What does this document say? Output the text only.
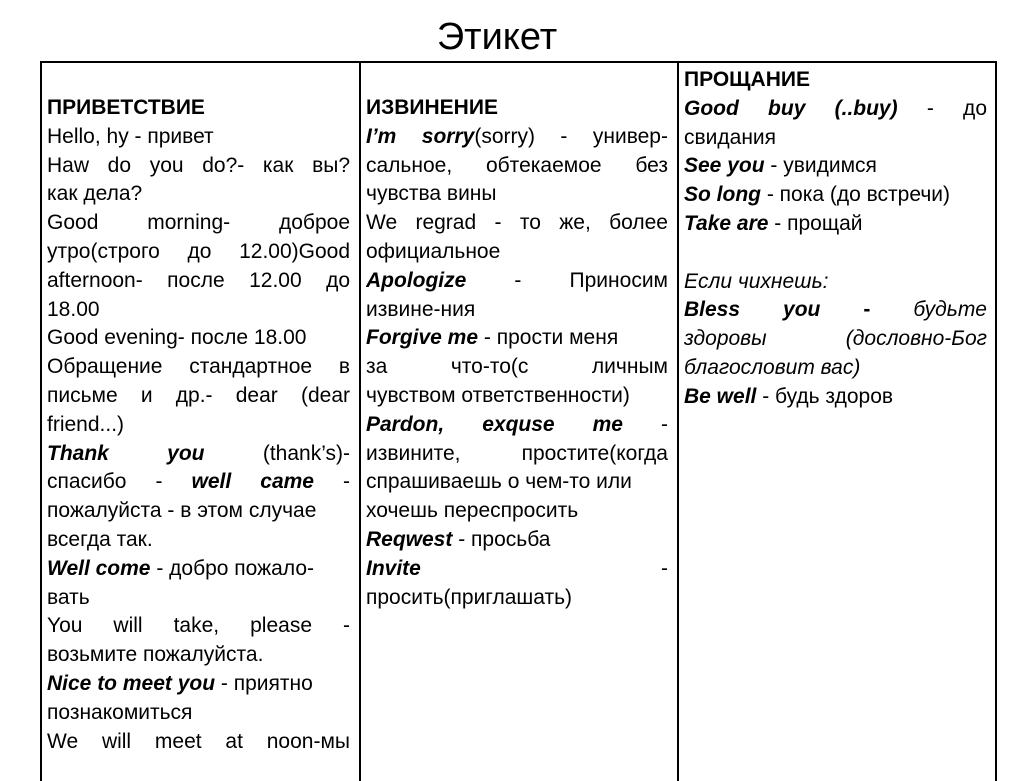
Этикет
ПРИВЕТСТВИЕ
Hello, hy - привет
Haw do you do?- как вы?
как дела?
Good morning- доброе
утро(строго до 12.00)Good
afternoon- после 12.00 до
18.00
Good evening- после 18.00
Обращение стандартное в
письме и др.- dear (dear
friend...)
Thank you (thank’s)-
спасибо - well came -
пожалуйста - в этом случае
всегда так.
Well come - добро пожало-
вать
You will take, please -
возьмите пожалуйста.
Nice to meet you - приятно
познакомиться
We will meet at noon-мы
ИЗВИНЕНИЕ
I’m sorry(sorry) - универ-
сальное, обтекаемое без
чувства вины
We regrad - то же, более
официальное
Apologize - Приносим
извине-ния
Forgive me - прости меня
за что-то(с личным
чувством ответственности)
Pardon, exquse me -
извините, простите(когда
спрашиваешь о чем-то или
хочешь переспросить
Reqwest - просьба
Invite -
просить(приглашать)
ПРОЩАНИЕ
Good buy (..buy) - до
свидания
See you - увидимся
So long - пока (до встречи)
Take are - прощай
Если чихнешь:
Bless you - будьте
здоровы (дословно-Бог
благословит вас)
Be well - будь здоров
